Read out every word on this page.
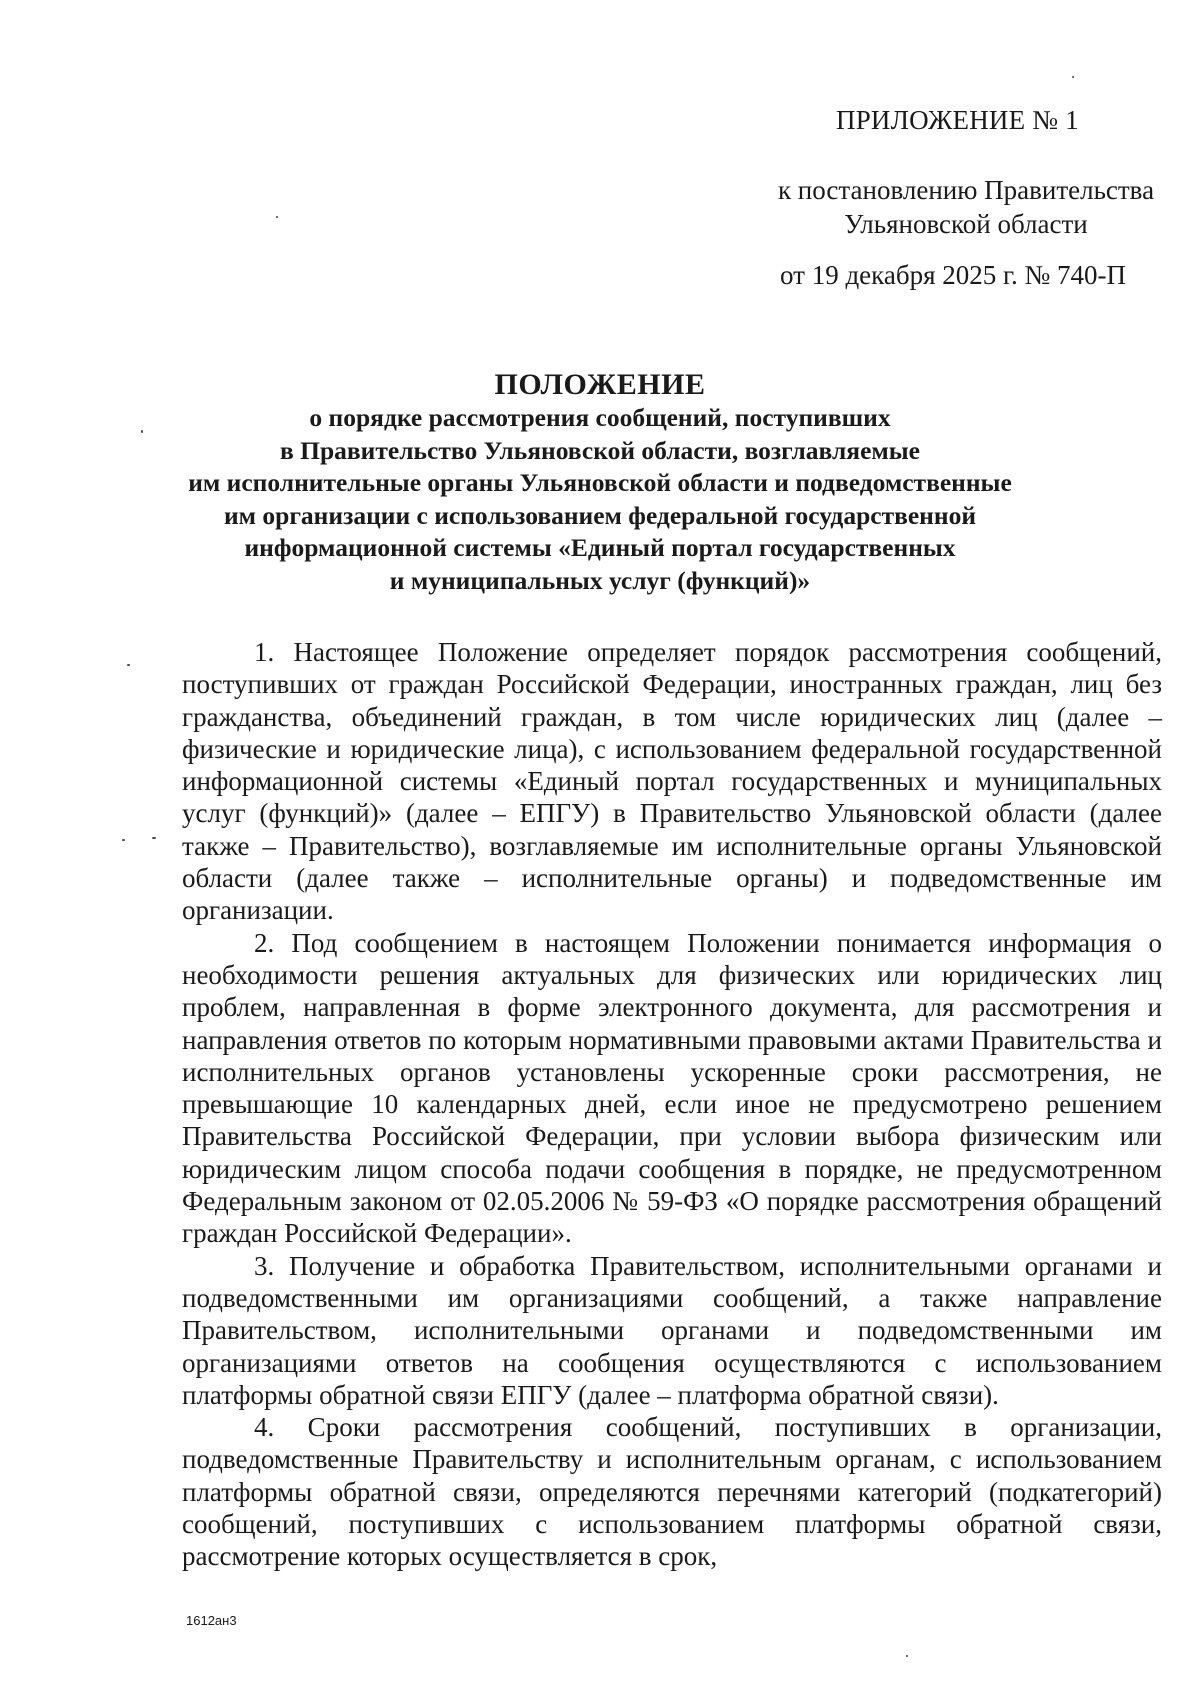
ПРИЛОЖЕНИЕ № 1
к постановлению Правительства
Ульяновской области
от 19 декабря 2025 г. № 740-П
ПОЛОЖЕНИЕ
о порядке рассмотрения сообщений, поступивших
в Правительство Ульяновской области, возглавляемые
им исполнительные органы Ульяновской области и подведомственные
им организации с использованием федеральной государственной
информационной системы «Единый портал государственных
и муниципальных услуг (функций)»

1. Настоящее Положение определяет порядок рассмотрения сообщений, поступивших от граждан Российской Федерации, иностранных граждан, лиц без гражданства, объединений граждан, в том числе юридических лиц (далее – физические и юридические лица), с использованием федеральной государственной информационной системы «Единый портал государственных и муниципальных услуг (функций)» (далее – ЕПГУ) в Правительство Ульяновской области (далее также – Правительство), возглавляемые им исполнительные органы Ульяновской области (далее также – исполнительные органы) и подведомственные им организации.

2. Под сообщением в настоящем Положении понимается информация о необходимости решения актуальных для физических или юридических лиц проблем, направленная в форме электронного документа, для рассмотрения и направления ответов по которым нормативными правовыми актами Правительства и исполнительных органов установлены ускоренные сроки рассмотрения, не превышающие 10 календарных дней, если иное не предусмотрено решением Правительства Российской Федерации, при условии выбора физическим или юридическим лицом способа подачи сообщения в порядке, не предусмотренном Федеральным законом от 02.05.2006 № 59-ФЗ «О порядке рассмотрения обращений граждан Российской Федерации».

3. Получение и обработка Правительством, исполнительными органами и подведомственными им организациями сообщений, а также направление Правительством, исполнительными органами и подведомственными им организациями ответов на сообщения осуществляются с использованием платформы обратной связи ЕПГУ (далее – платформа обратной связи).

4. Сроки рассмотрения сообщений, поступивших в организации, подведомственные Правительству и исполнительным органам, с использованием платформы обратной связи, определяются перечнями категорий (подкатегорий) сообщений, поступивших с использованием платформы обратной связи, рассмотрение которых осуществляется в срок,

1612ан3
